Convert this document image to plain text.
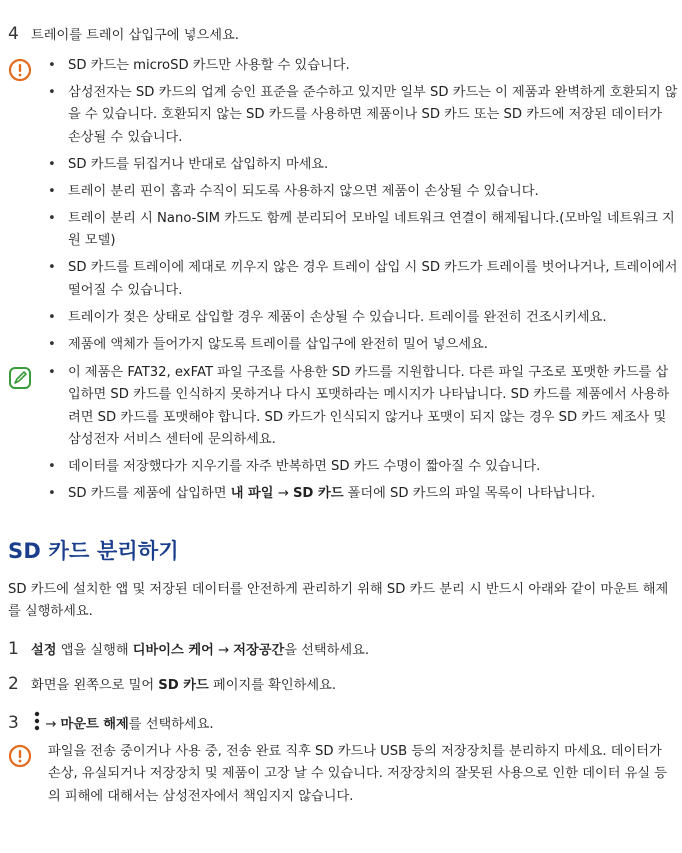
4 트레이를 트레이 삽입구에 넣으세요.
• SD 카드는 microSD 카드만 사용할 수 있습니다.
• 삼성전자는 SD 카드의 업계 승인 표준을 준수하고 있지만 일부 SD 카드는 이 제품과 완벽하게 호환되지 않을 수 있습니다. 호환되지 않는 SD 카드를 사용하면 제품이나 SD 카드 또는 SD 카드에 저장된 데이터가 손상될 수 있습니다.
• SD 카드를 뒤집거나 반대로 삽입하지 마세요.
• 트레이 분리 핀이 홈과 수직이 되도록 사용하지 않으면 제품이 손상될 수 있습니다.
• 트레이 분리 시 Nano-SIM 카드도 함께 분리되어 모바일 네트워크 연결이 해제됩니다.(모바일 네트워크 지원 모델)
• SD 카드를 트레이에 제대로 끼우지 않은 경우 트레이 삽입 시 SD 카드가 트레이를 벗어나거나, 트레이에서 떨어질 수 있습니다.
• 트레이가 젖은 상태로 삽입할 경우 제품이 손상될 수 있습니다. 트레이를 완전히 건조시키세요.
• 제품에 액체가 들어가지 않도록 트레이를 삽입구에 완전히 밀어 넣으세요.
• 이 제품은 FAT32, exFAT 파일 구조를 사용한 SD 카드를 지원합니다. 다른 파일 구조로 포맷한 카드를 삽입하면 SD 카드를 인식하지 못하거나 다시 포맷하라는 메시지가 나타납니다. SD 카드를 제품에서 사용하려면 SD 카드를 포맷해야 합니다. SD 카드가 인식되지 않거나 포맷이 되지 않는 경우 SD 카드 제조사 및 삼성전자 서비스 센터에 문의하세요.
• 데이터를 저장했다가 지우기를 자주 반복하면 SD 카드 수명이 짧아질 수 있습니다.
• SD 카드를 제품에 삽입하면 내 파일 → SD 카드 폴더에 SD 카드의 파일 목록이 나타납니다.
SD 카드 분리하기
SD 카드에 설치한 앱 및 저장된 데이터를 안전하게 관리하기 위해 SD 카드 분리 시 반드시 아래와 같이 마운트 해제를 실행하세요.
1 설정 앱을 실행해 디바이스 케어 → 저장공간을 선택하세요.
2 화면을 왼쪽으로 밀어 SD 카드 페이지를 확인하세요.
3  → 마운트 해제를 선택하세요.
파일을 전송 중이거나 사용 중, 전송 완료 직후 SD 카드나 USB 등의 저장장치를 분리하지 마세요. 데이터가 손상, 유실되거나 저장장치 및 제품이 고장 날 수 있습니다. 저장장치의 잘못된 사용으로 인한 데이터 유실 등의 피해에 대해서는 삼성전자에서 책임지지 않습니다.
